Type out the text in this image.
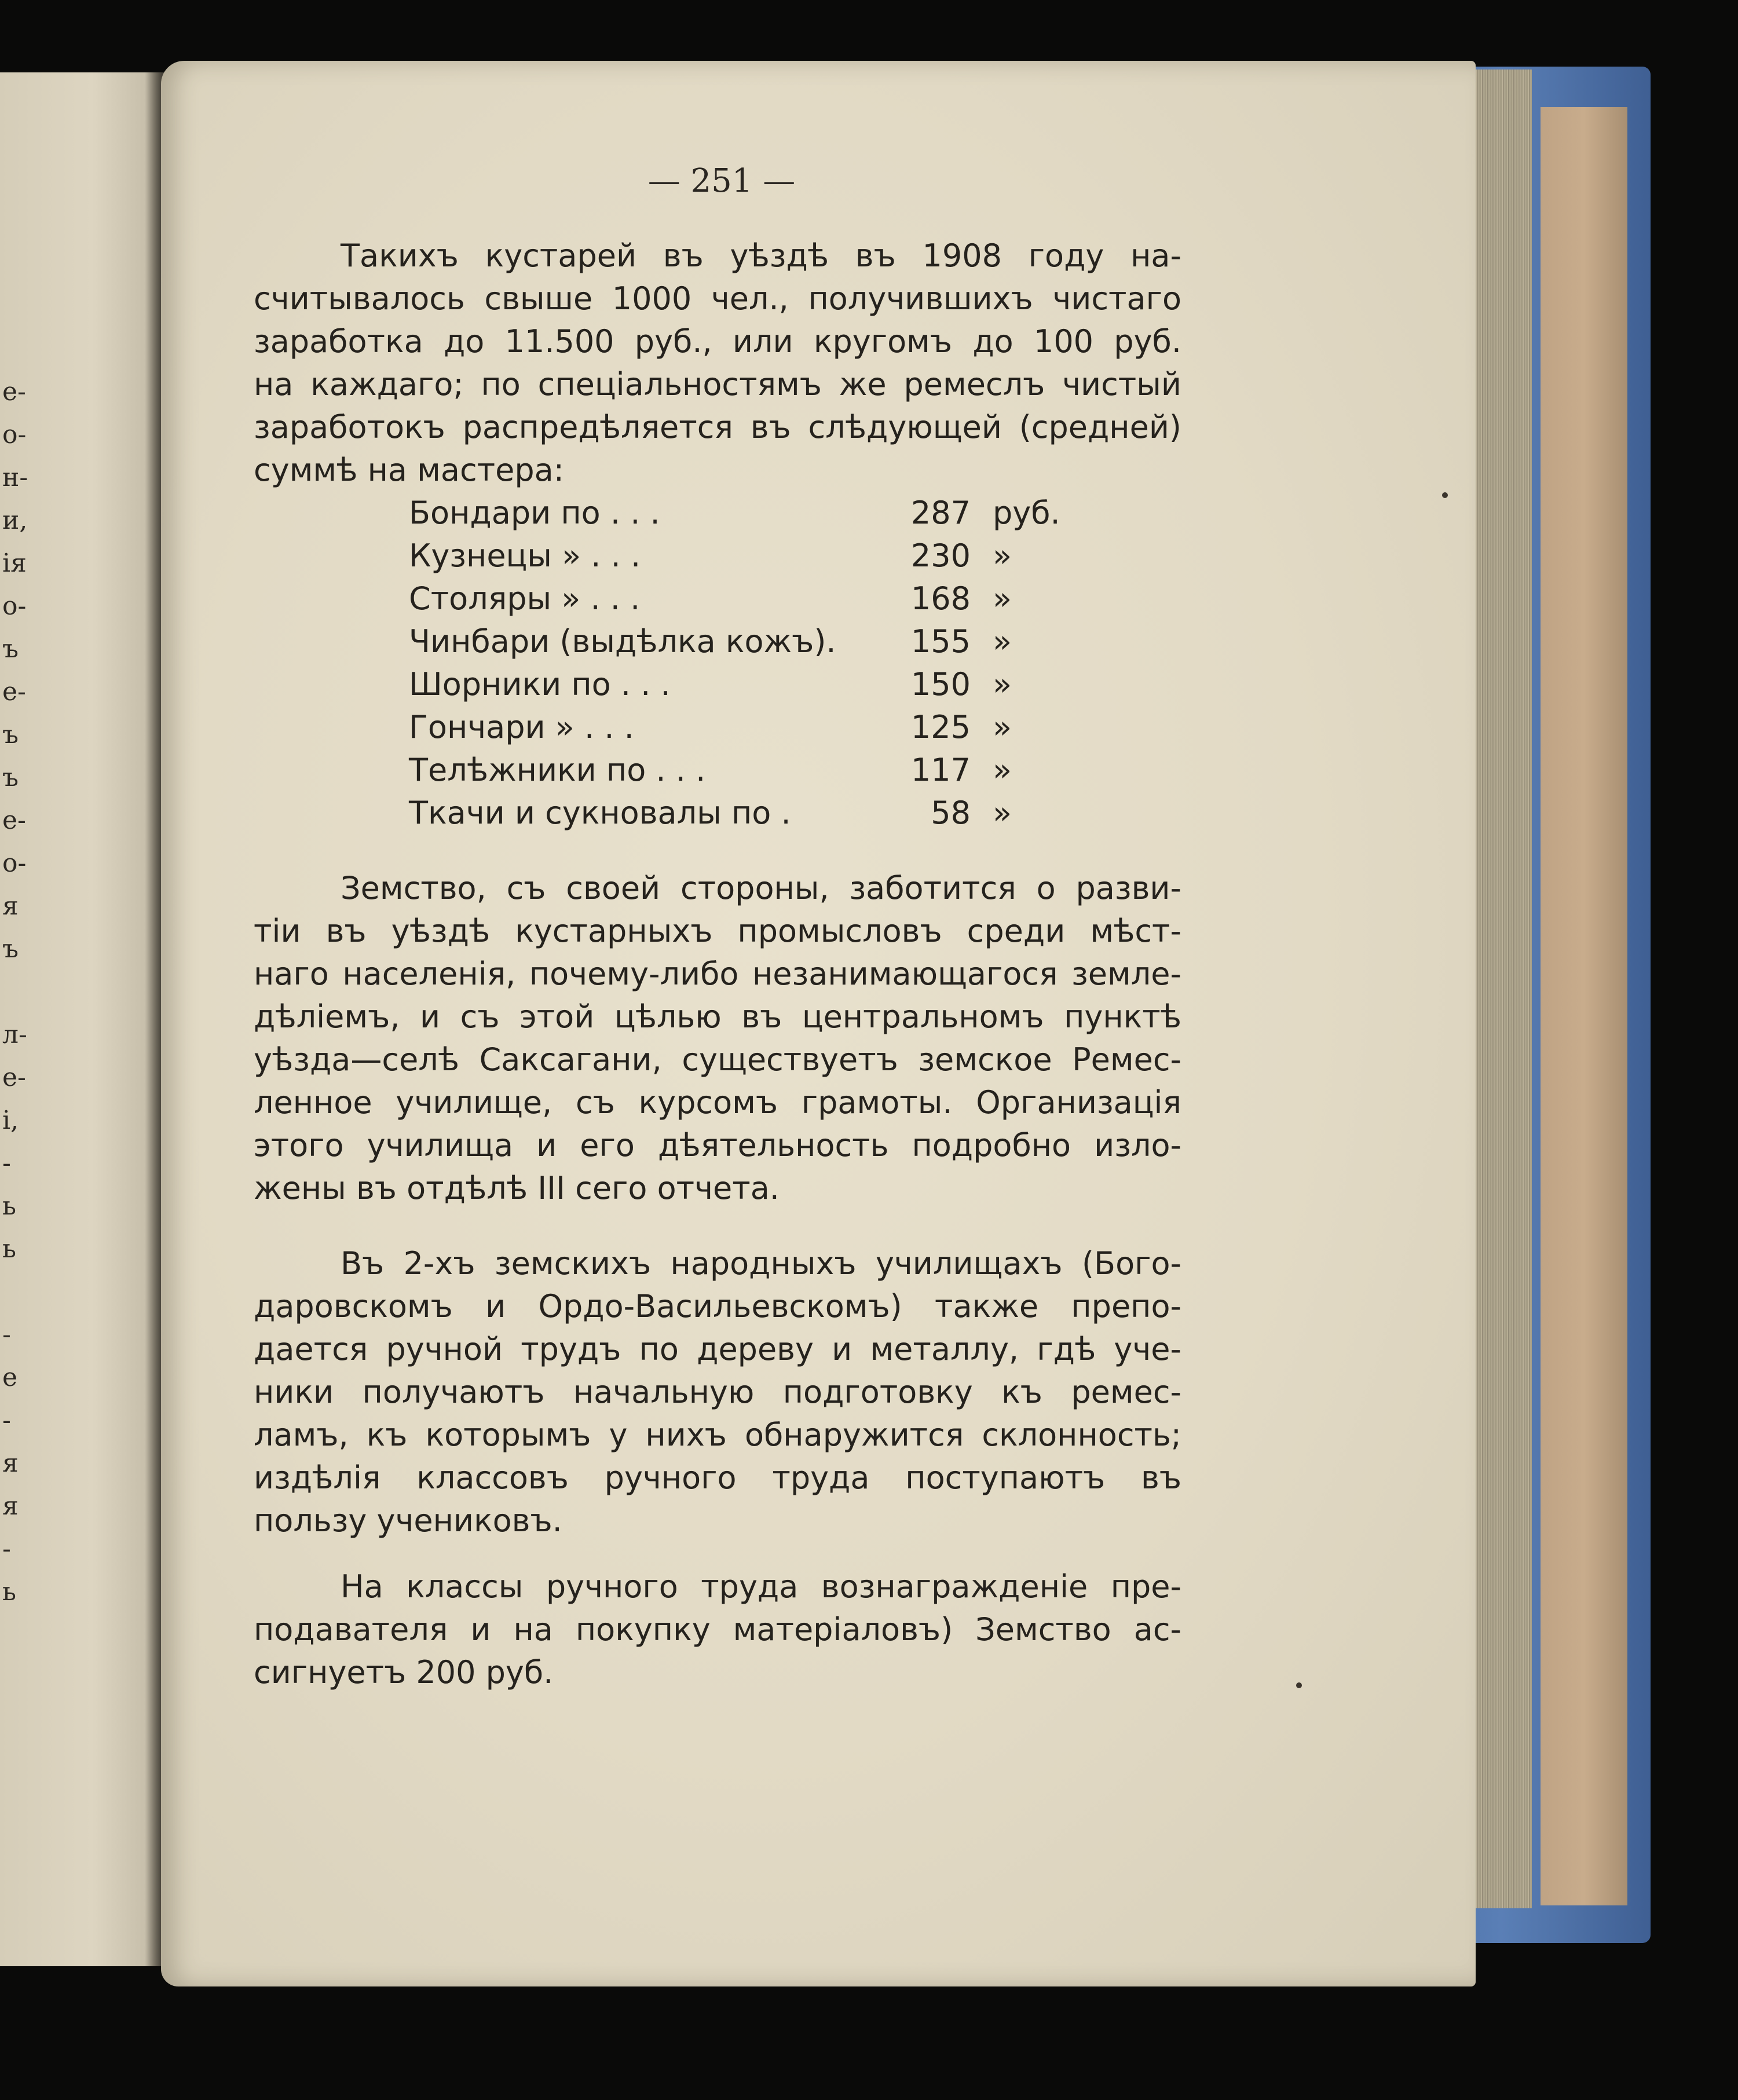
е-
о-
н-
и,
ія
о-
ъ
е-
ъ
ъ
е-
о-
я
ъ
л-
е-
і,
-
ь
ь
-
е
-
я
я
-
ь
— 251 —
Такихъ кустарей въ уѣздѣ въ 1908 году на-
считывалось свыше 1000 чел., получившихъ чистаго
заработка до 11.500 руб., или кругомъ до 100 руб.
на каждаго; по спеціальностямъ же ремеслъ чистый
заработокъ распредѣляется въ слѣдующей (средней)
суммѣ на мастера:
Бондари по . . .	287	руб.
Кузнецы » . . .	230	»
Столяры » . . .	168	»
Чинбари (выдѣлка кожъ).	155	»
Шорники по . . .	150	»
Гончари » . . .	125	»
Телѣжники по . . .	117	»
Ткачи и сукновалы по .	58	»
Земство, съ своей стороны, заботится о разви-
тіи въ уѣздѣ кустарныхъ промысловъ среди мѣст-
наго населенія, почему-либо незанимающагося земле-
дѣліемъ, и съ этой цѣлью въ центральномъ пунктѣ
уѣзда—селѣ Саксагани, существуетъ земское Ремес-
ленное училище, съ курсомъ грамоты. Организація
этого училища и его дѣятельность подробно изло-
жены въ отдѣлѣ III сего отчета.
Въ 2-хъ земскихъ народныхъ училищахъ (Бого-
даровскомъ и Ордо-Васильевскомъ) также препо-
дается ручной трудъ по дереву и металлу, гдѣ уче-
ники получаютъ начальную подготовку къ ремес-
ламъ, къ которымъ у нихъ обнаружится склонность;
издѣлія классовъ ручного труда поступаютъ въ
пользу учениковъ.
На классы ручного труда вознагражденіе пре-
подавателя и на покупку матеріаловъ) Земство ас-
сигнуетъ 200 руб.
